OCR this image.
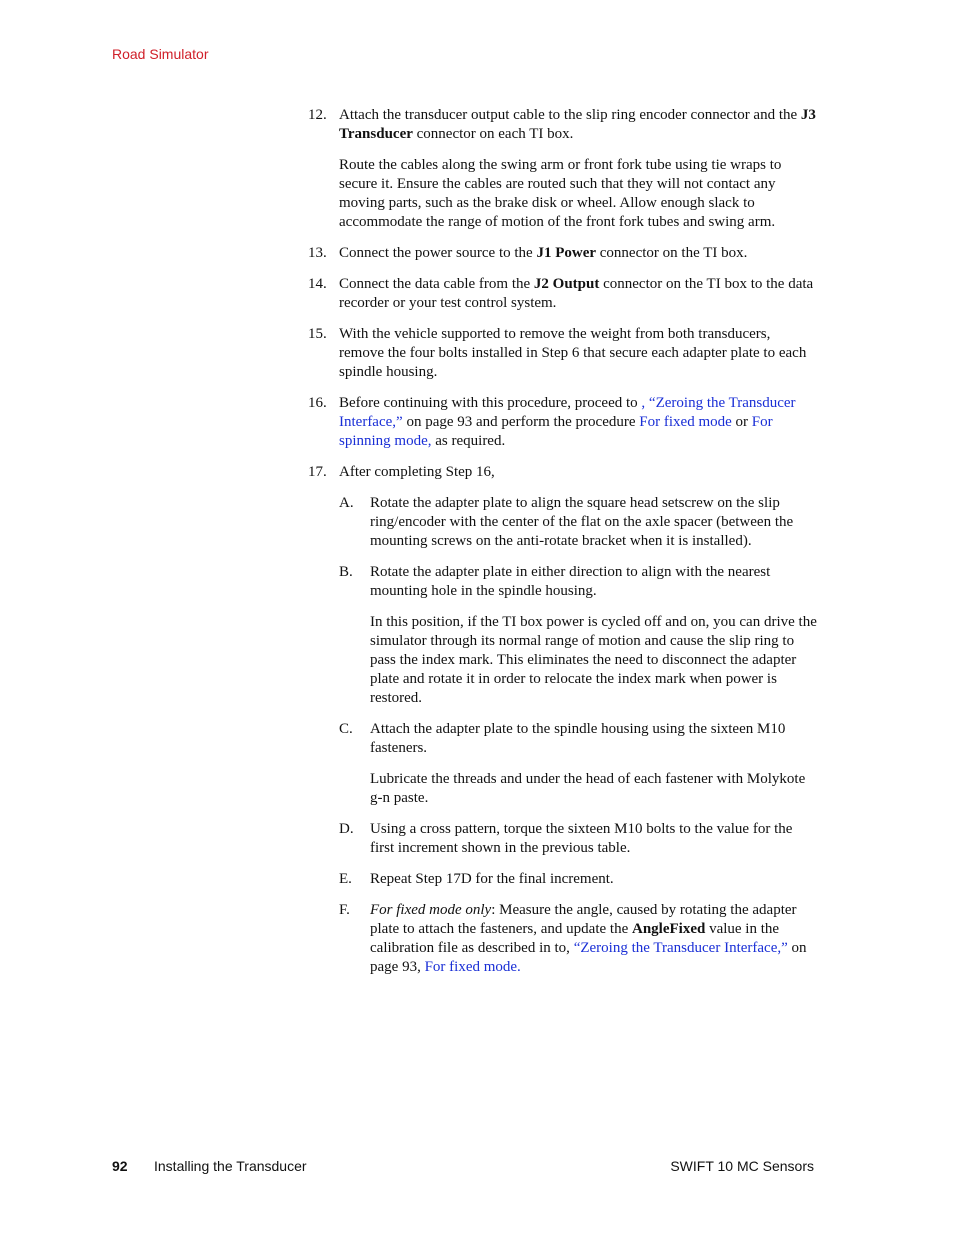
Road Simulator
12. Attach the transducer output cable to the slip ring encoder connector and the J3 Transducer connector on each TI box.

Route the cables along the swing arm or front fork tube using tie wraps to secure it. Ensure the cables are routed such that they will not contact any moving parts, such as the brake disk or wheel. Allow enough slack to accommodate the range of motion of the front fork tubes and swing arm.

13. Connect the power source to the J1 Power connector on the TI box.

14. Connect the data cable from the J2 Output connector on the TI box to the data recorder or your test control system.

15. With the vehicle supported to remove the weight from both transducers, remove the four bolts installed in Step 6 that secure each adapter plate to each spindle housing.

16. Before continuing with this procedure, proceed to , “Zeroing the Transducer Interface,” on page 93 and perform the procedure For fixed mode or For spinning mode, as required.

17. After completing Step 16,

A. Rotate the adapter plate to align the square head setscrew on the slip ring/encoder with the center of the flat on the axle spacer (between the mounting screws on the anti-rotate bracket when it is installed).

B. Rotate the adapter plate in either direction to align with the nearest mounting hole in the spindle housing.

In this position, if the TI box power is cycled off and on, you can drive the simulator through its normal range of motion and cause the slip ring to pass the index mark. This eliminates the need to disconnect the adapter plate and rotate it in order to relocate the index mark when power is restored.

C. Attach the adapter plate to the spindle housing using the sixteen M10 fasteners.

Lubricate the threads and under the head of each fastener with Molykote g-n paste.

D. Using a cross pattern, torque the sixteen M10 bolts to the value for the first increment shown in the previous table.

E. Repeat Step 17D for the final increment.

F. For fixed mode only: Measure the angle, caused by rotating the adapter plate to attach the fasteners, and update the AngleFixed value in the calibration file as described in to, “Zeroing the Transducer Interface,” on page 93, For fixed mode.

92 Installing the Transducer	SWIFT 10 MC Sensors
